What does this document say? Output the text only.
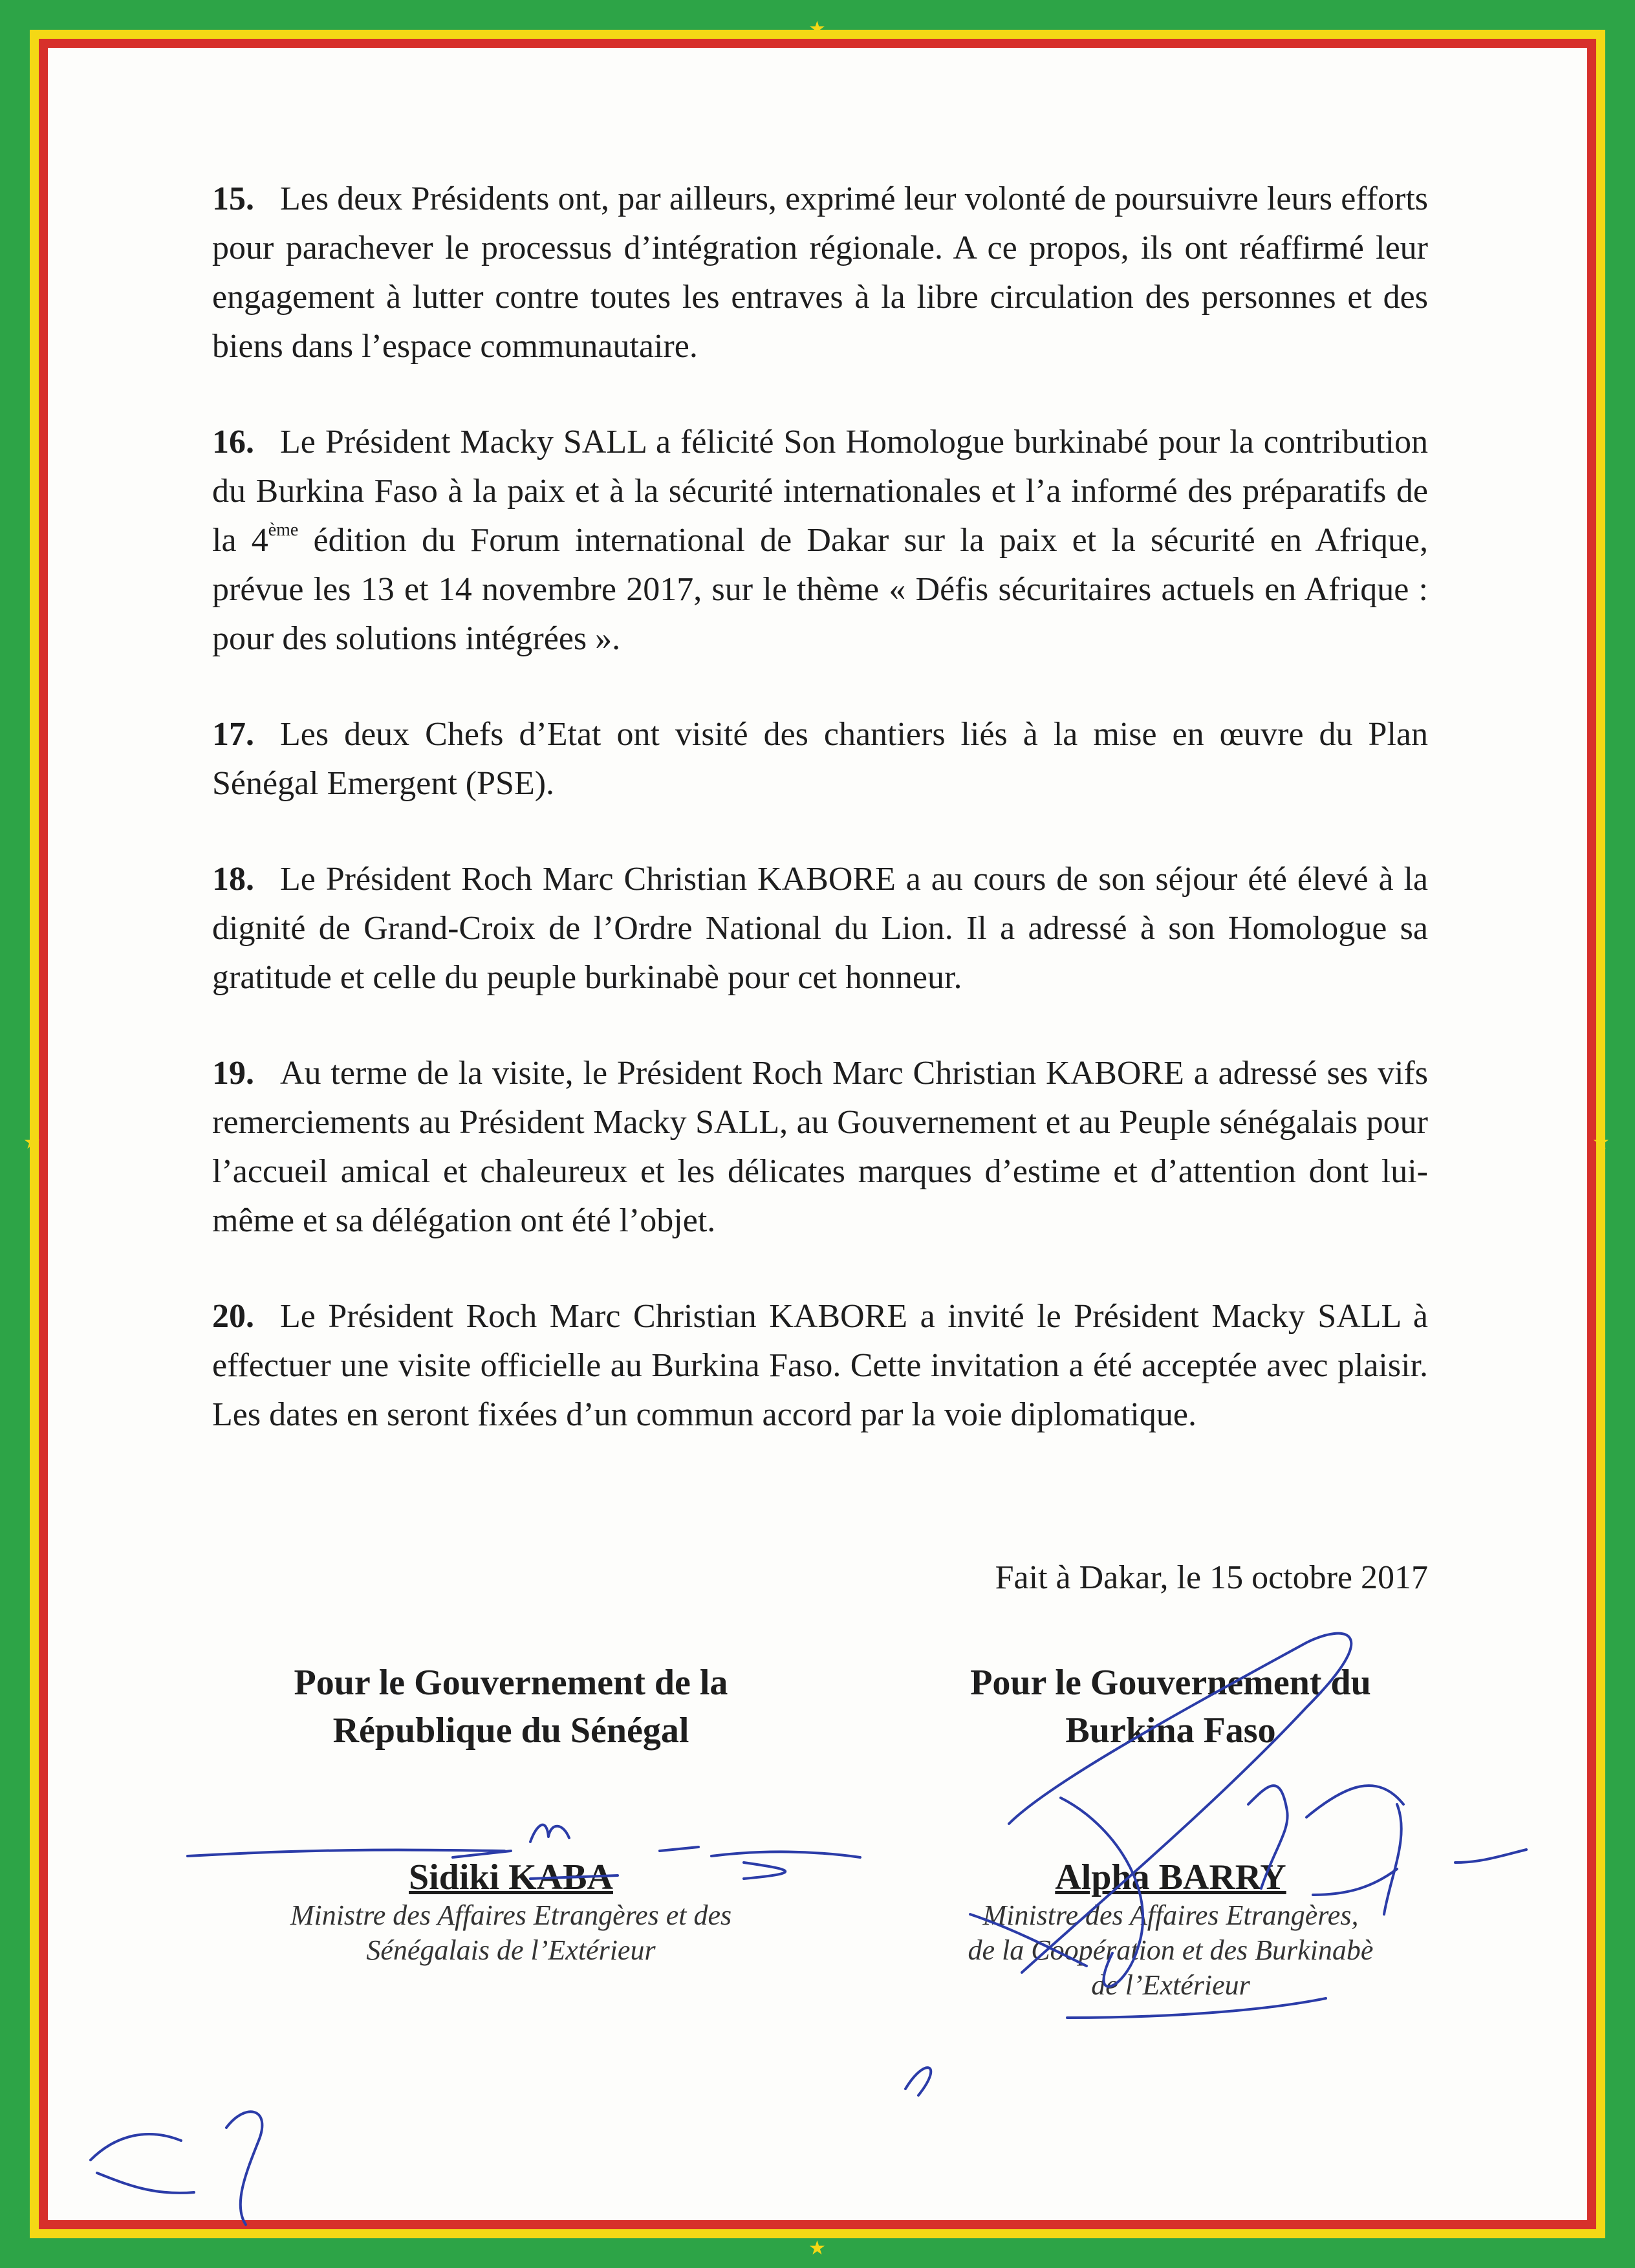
★
★
★	★

15. Les deux Présidents ont, par ailleurs, exprimé leur volonté de poursuivre leurs efforts pour parachever le processus d’intégration régionale. A ce propos, ils ont réaffirmé leur engagement à lutter contre toutes les entraves à la libre circulation des personnes et des biens dans l’espace communautaire.

16. Le Président Macky SALL a félicité Son Homologue burkinabé pour la contribution du Burkina Faso à la paix et à la sécurité internationales et l’a informé des préparatifs de la 4ème édition du Forum international de Dakar sur la paix et la sécurité en Afrique, prévue les 13 et 14 novembre 2017, sur le thème « Défis sécuritaires actuels en Afrique : pour des solutions intégrées ».

17. Les deux Chefs d’Etat ont visité des chantiers liés à la mise en œuvre du Plan Sénégal Emergent (PSE).

18. Le Président Roch Marc Christian KABORE a au cours de son séjour été élevé à la dignité de Grand-Croix de l’Ordre National du Lion. Il a adressé à son Homologue sa gratitude et celle du peuple burkinabè pour cet honneur.

19. Au terme de la visite, le Président Roch Marc Christian KABORE a adressé ses vifs remerciements au Président Macky SALL, au Gouvernement et au Peuple sénégalais pour l’accueil amical et chaleureux et les délicates marques d’estime et d’attention dont lui-même et sa délégation ont été l’objet.

20. Le Président Roch Marc Christian KABORE a invité le Président Macky SALL à effectuer une visite officielle au Burkina Faso. Cette invitation a été acceptée avec plaisir. Les dates en seront fixées d’un commun accord par la voie diplomatique.

Fait à Dakar, le 15 octobre 2017
Pour le Gouvernement de la
République du Sénégal
Sidiki KABA
Ministre des Affaires Etrangères et des
Sénégalais de l’Extérieur
Pour le Gouvernement du
Burkina Faso
Alpha BARRY
Ministre des Affaires Etrangères,
de la Coopération et des Burkinabè
de l’Extérieur
